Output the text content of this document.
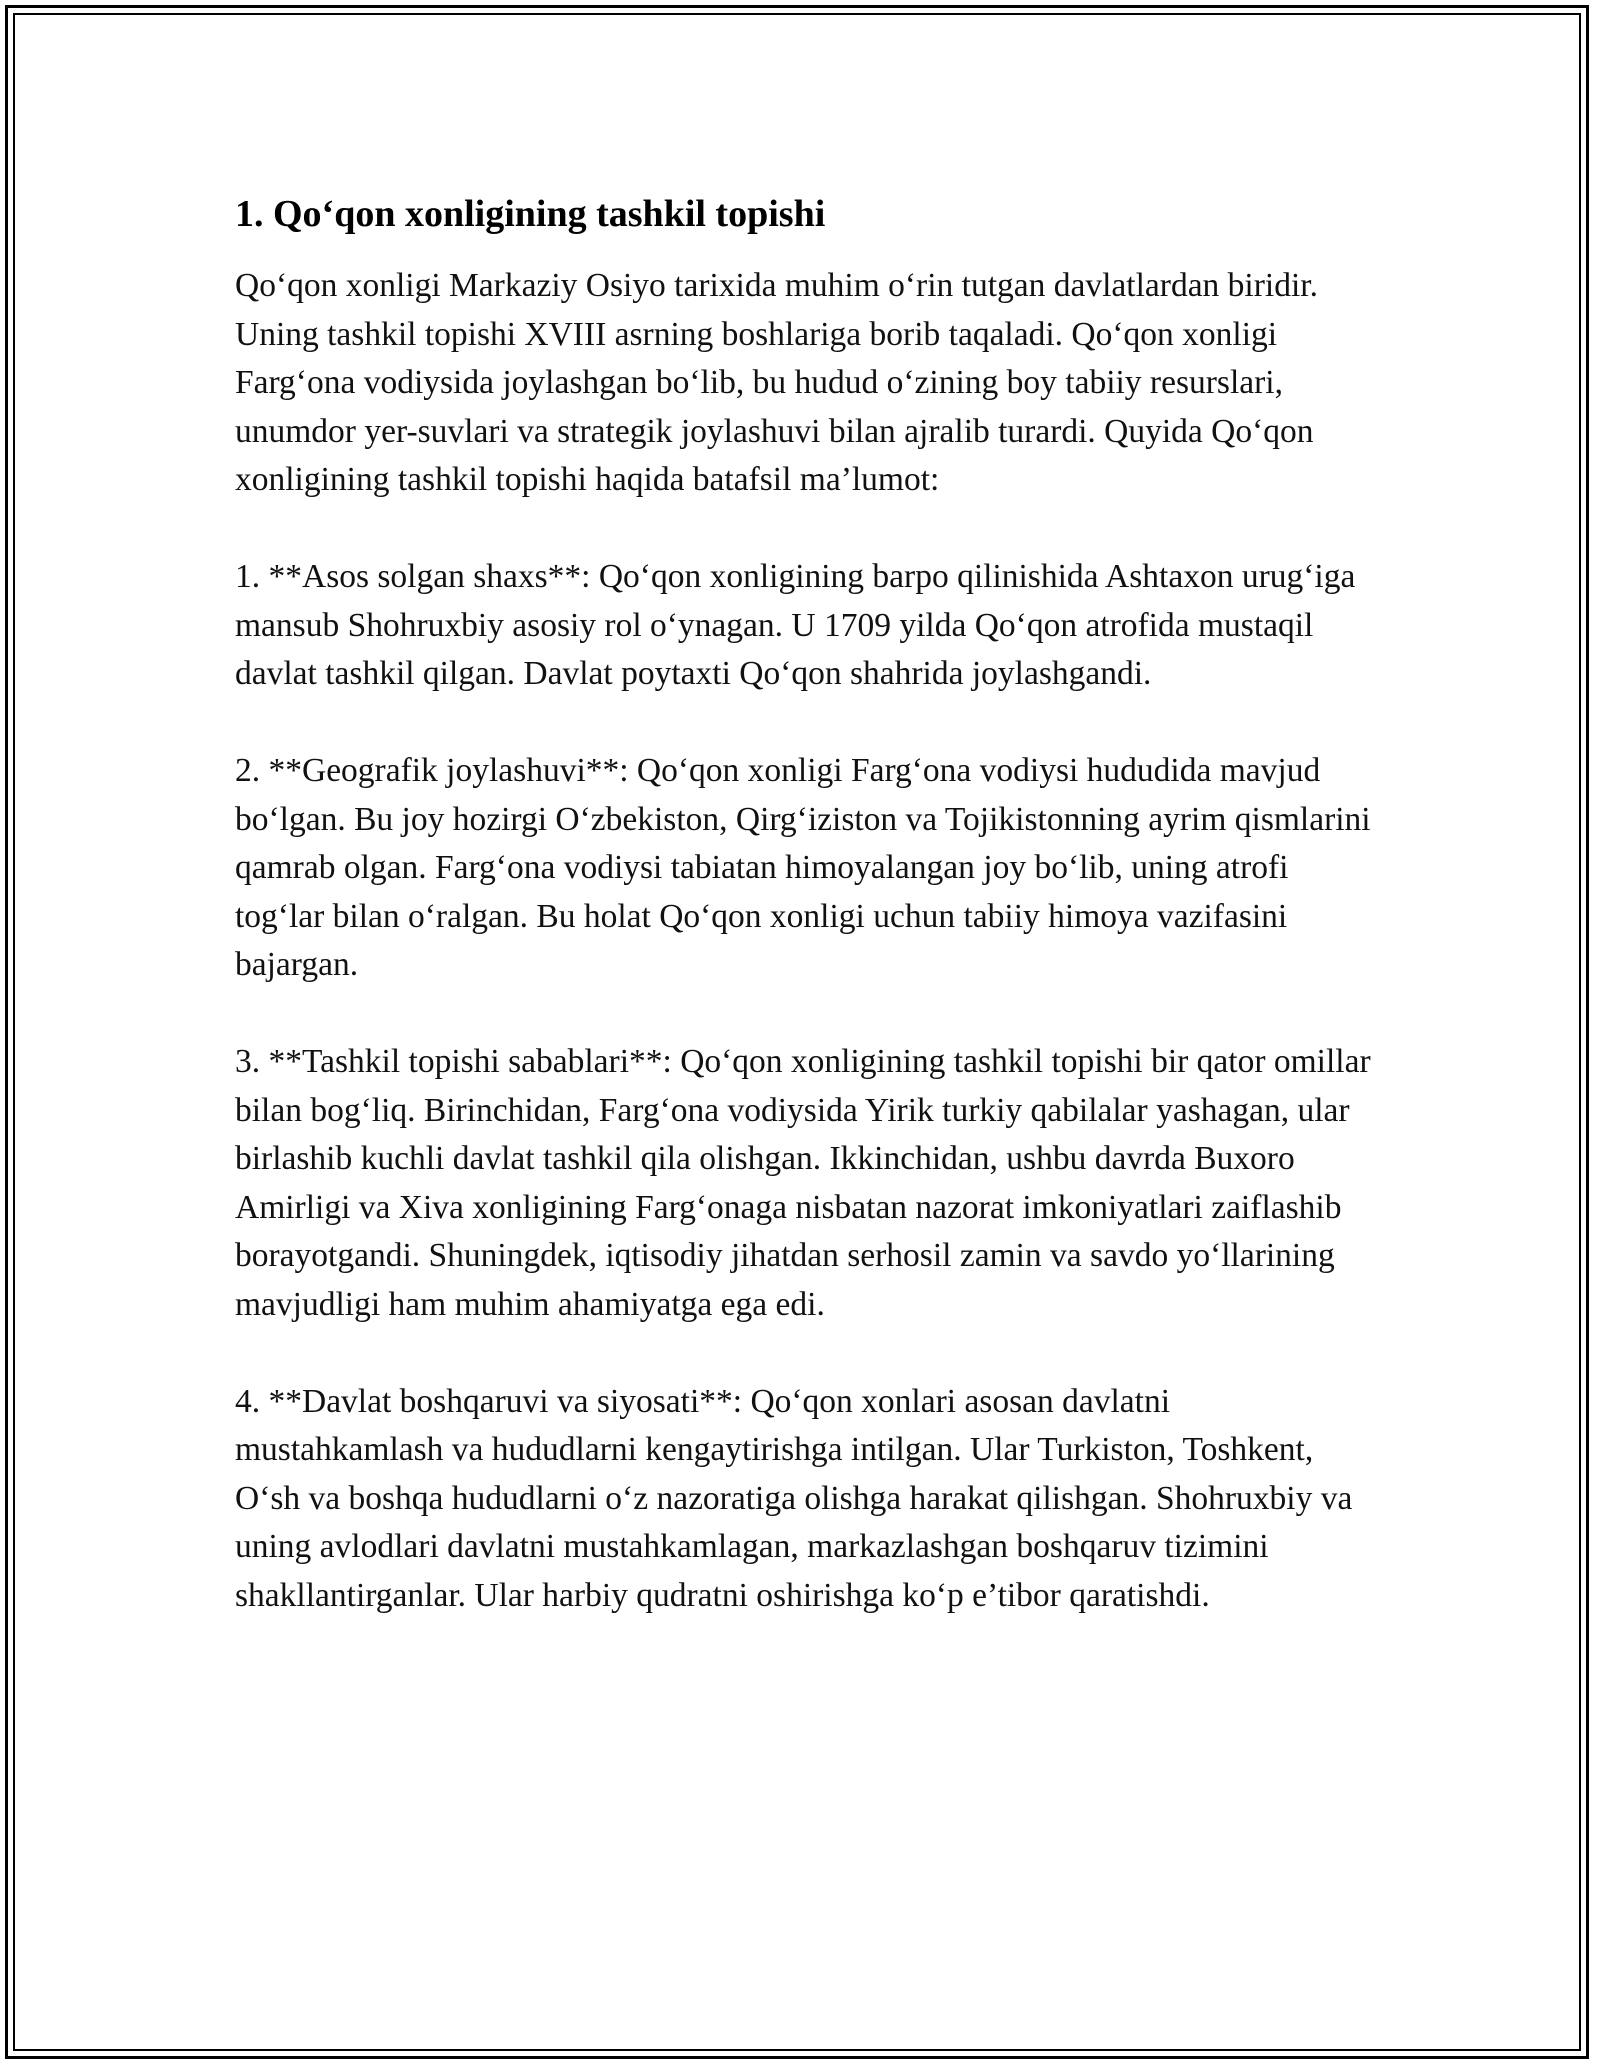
1. Qo‘qon xonligining tashkil topishi

Qo‘qon xonligi Markaziy Osiyo tarixida muhim o‘rin tutgan davlatlardan biridir. Uning tashkil topishi XVIII asrning boshlariga borib taqaladi. Qo‘qon xonligi Farg‘ona vodiysida joylashgan bo‘lib, bu hudud o‘zining boy tabiiy resurslari, unumdor yer-suvlari va strategik joylashuvi bilan ajralib turardi. Quyida Qo‘qon xonligining tashkil topishi haqida batafsil ma’lumot:

1. **Asos solgan shaxs**: Qo‘qon xonligining barpo qilinishida Ashtaxon urug‘iga mansub Shohruxbiy asosiy rol o‘ynagan. U 1709 yilda Qo‘qon atrofida mustaqil davlat tashkil qilgan. Davlat poytaxti Qo‘qon shahrida joylashgandi.

2. **Geografik joylashuvi**: Qo‘qon xonligi Farg‘ona vodiysi hududida mavjud bo‘lgan. Bu joy hozirgi O‘zbekiston, Qirg‘iziston va Tojikistonning ayrim qismlarini qamrab olgan. Farg‘ona vodiysi tabiatan himoyalangan joy bo‘lib, uning atrofi tog‘lar bilan o‘ralgan. Bu holat Qo‘qon xonligi uchun tabiiy himoya vazifasini bajargan.

3. **Tashkil topishi sabablari**: Qo‘qon xonligining tashkil topishi bir qator omillar bilan bog‘liq. Birinchidan, Farg‘ona vodiysida Yirik turkiy qabilalar yashagan, ular birlashib kuchli davlat tashkil qila olishgan. Ikkinchidan, ushbu davrda Buxoro Amirligi va Xiva xonligining Farg‘onaga nisbatan nazorat imkoniyatlari zaiflashib borayotgandi. Shuningdek, iqtisodiy jihatdan serhosil zamin va savdo yo‘llarining mavjudligi ham muhim ahamiyatga ega edi.

4. **Davlat boshqaruvi va siyosati**: Qo‘qon xonlari asosan davlatni mustahkamlash va hududlarni kengaytirishga intilgan. Ular Turkiston, Toshkent, O‘sh va boshqa hududlarni o‘z nazoratiga olishga harakat qilishgan. Shohruxbiy va uning avlodlari davlatni mustahkamlagan, markazlashgan boshqaruv tizimini shakllantirganlar. Ular harbiy qudratni oshirishga ko‘p e’tibor qaratishdi.
